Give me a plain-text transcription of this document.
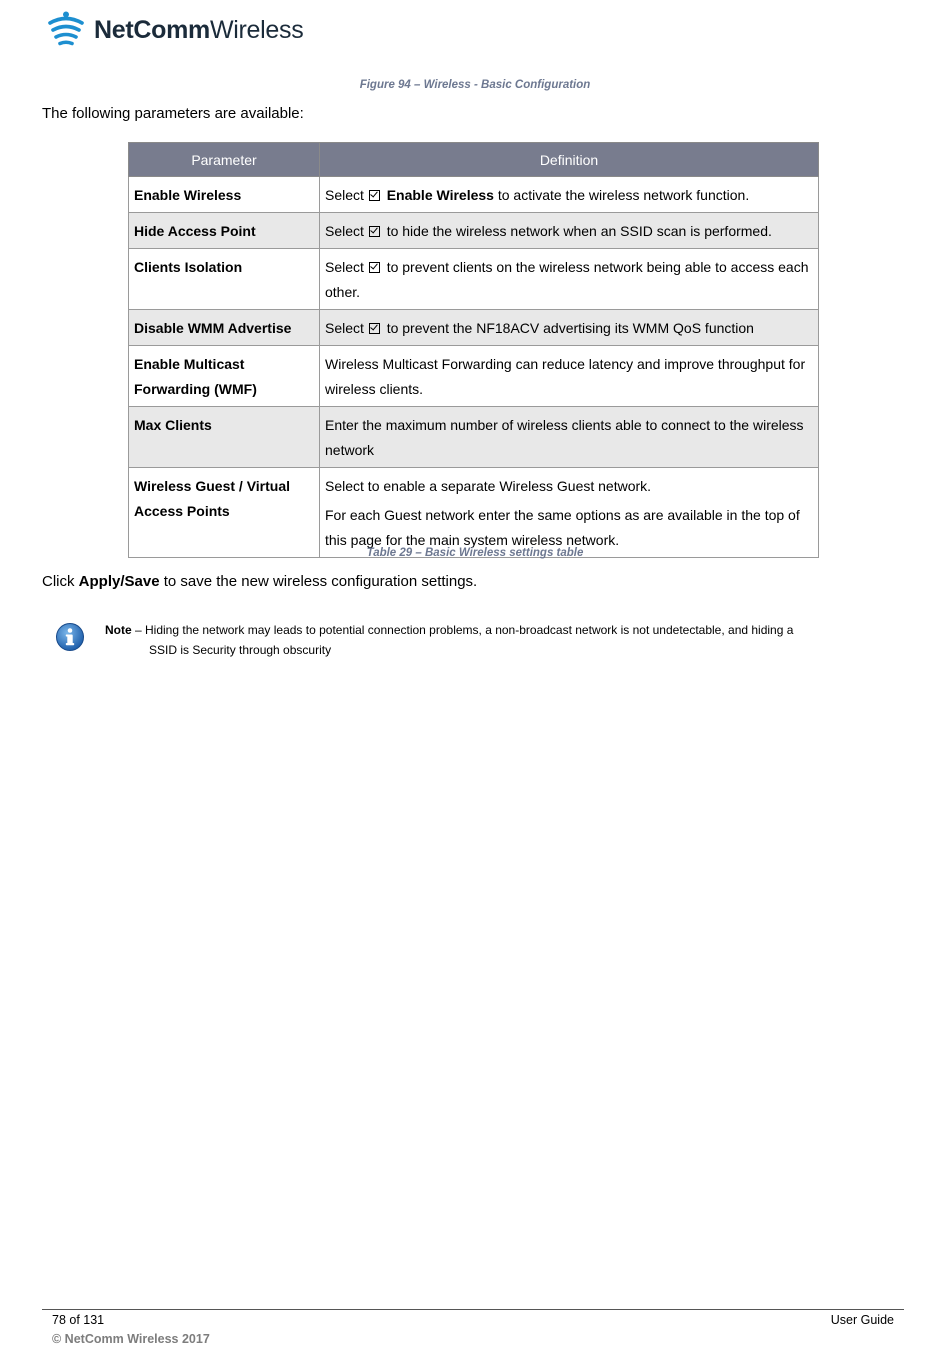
NetCommWireless
Figure 94 – Wireless - Basic Configuration
The following parameters are available:
Parameter	Definition
Enable Wireless	Select  Enable Wireless to activate the wireless network function.
Hide Access Point	Select  to hide the wireless network when an SSID scan is performed.
Clients Isolation	Select  to prevent clients on the wireless network being able to access each other.
Disable WMM Advertise	Select  to prevent the NF18ACV advertising its WMM QoS function
Enable Multicast Forwarding (WMF)	Wireless Multicast Forwarding can reduce latency and improve throughput for wireless clients.
Max Clients	Enter the maximum number of wireless clients able to connect to the wireless network
Wireless Guest / Virtual Access Points	Select to enable a separate Wireless Guest network.

For each Guest network enter the same options as are available in the top of this page for the main system wireless network.

Table 29 – Basic Wireless settings table
Click Apply/Save to save the new wireless configuration settings.
Note – Hiding the network may leads to potential connection problems, a non-broadcast network is not undetectable, and hiding a
SSID is Security through obscurity
78 of 131	User Guide
© NetComm Wireless 2017
